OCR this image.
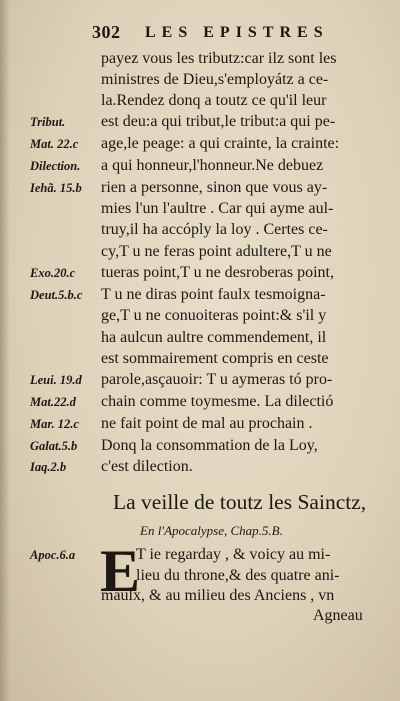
302 LES EPISTRES
payez vous les tributz:car ilz sont les
ministres de Dieu,s'employátz a ce-
la.Rendez donq a toutz ce qu'il leur
Tribut. est deu:a qui tribut,le tribut:a qui pe-
Mat. 22.c age,le peage: a qui crainte, la crainte:
Dilection. a qui honneur,l'honneur.Ne debuez
Iehã. 15.b rien a personne, sinon que vous ay-
mies l'un l'aultre . Car qui ayme aul-
truy,il ha accóply la loy . Certes ce-
cy,T u ne feras point adultere,T u ne
Exo.20.c tueras point,T u ne desroberas point,
Deut.5.b.c T u ne diras point faulx tesmoigna-
ge,T u ne conuoiteras point:& s'il y
ha aulcun aultre commendement, il
est sommairement compris en ceste
Leui. 19.d parole,asçauoir: T u aymeras tó pro-
Mat.22.d chain comme toymesme. La dilectió
Mar. 12.c ne fait point de mal au prochain .
Galat.5.b Donq la consommation de la Loy,
Iaq.2.b c'est dilection.
La veille de toutz les Sainctz,
En l'Apocalypse, Chap.5.B.
Apoc.6.a E
T ie regarday , & voicy au mi-
lieu du throne,& des quatre ani-
maulx, & au milieu des Anciens , vn
Agneau
